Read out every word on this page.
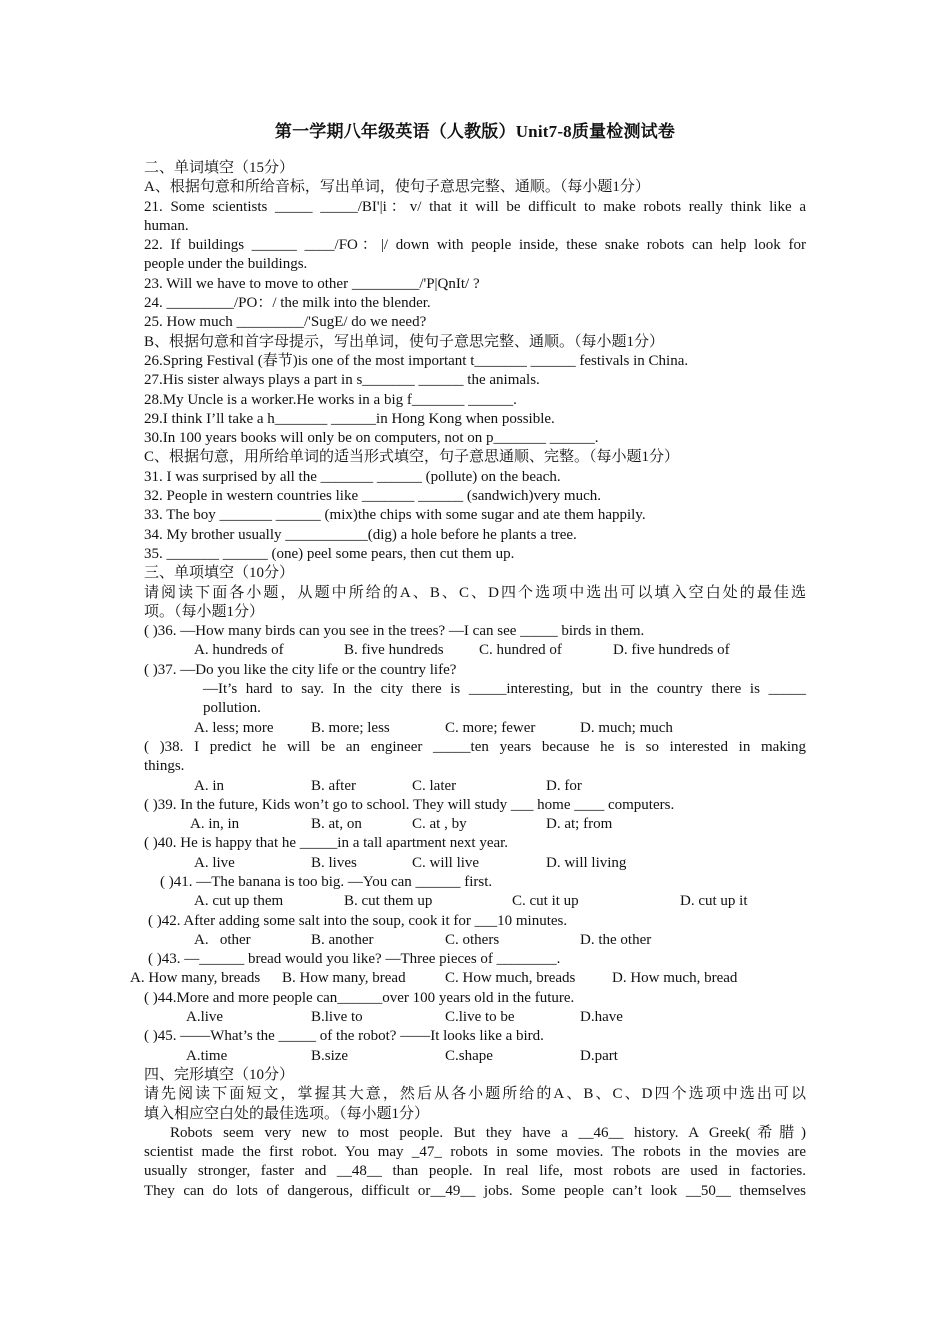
第一学期八年级英语（人教版）Unit7-8质量检测试卷
二、单词填空（15分）
A、根据句意和所给音标，写出单词，使句子意思完整、通顺。（每小题1分）
21. Some scientists _____ _____/BI'|i：v/ that it will be difficult to make robots really think like a
human.
22. If buildings ______ ____/FO：|/ down with people inside, these snake robots can help look for
people under the buildings.
23. Will we have to move to other _________/'P|QnIt/ ?
24. _________/PO：/ the milk into the blender.
25. How much _________/'SugE/ do we need?
B、根据句意和首字母提示，写出单词，使句子意思完整、通顺。（每小题1分）
26.Spring Festival (春节)is one of the most important t_______ ______ festivals in China.
27.His sister always plays a part in s_______ ______ the animals.
28.My Uncle is a worker.He works in a big f_______ ______.
29.I think I’ll take a h_______ ______in Hong Kong when possible.
30.In 100 years books will only be on computers, not on p_______ ______.
C、根据句意，用所给单词的适当形式填空，句子意思通顺、完整。（每小题1分）
31. I was surprised by all the _______ ______ (pollute) on the beach.
32. People in western countries like _______ ______ (sandwich)very much.
33. The boy _______ ______ (mix)the chips with some sugar and ate them happily.
34. My brother usually ___________(dig) a hole before he plants a tree.
35. _______ ______ (one) peel some pears, then cut them up.
三、单项填空（10分）
请阅读下面各小题，从题中所给的A、B、C、D四个选项中选出可以填入空白处的最佳选
项。（每小题1分）
( )36. —How many birds can you see in the trees? —I can see _____ birds in them.
A. hundreds of	B. five hundreds C. hundred of	D. five hundreds of
( )37. —Do you like the city life or the country life?
—It’s hard to say. In the city there is _____interesting, but in the country there is _____
pollution.
A. less; more B. more; less	C. more; fewer	D. much; much
( )38. I predict he will be an engineer _____ten years because he is so interested in making
things.
A. in	B. after	C. later	D. for
( )39. In the future, Kids won’t go to school. They will study ___ home ____ computers.
A. in, in	B. at, on	C. at , by	D. at; from
( )40. He is happy that he _____in a tall apartment next year.
A. live	B. lives	C. will live	D. will living
( )41. —The banana is too big. —You can ______ first.
A. cut up them	B. cut them up	C. cut it up	D. cut up it
( )42. After adding some salt into the soup, cook it for ___10 minutes.
A.   other	B. another	C. others	D. the other
( )43. —______ bread would you like? —Three pieces of ________.
A. How many, breads B. How many, bread	C. How much, breads D. How much, bread
( )44.More and more people can______over 100 years old in the future.
A.live	B.live to	C.live to be	D.have
( )45. ——What’s the _____ of the robot? ——It looks like a bird.
A.time	B.size	C.shape	D.part
四、完形填空（10分）
请先阅读下面短文，掌握其大意，然后从各小题所给的A、B、C、D四个选项中选出可以
填入相应空白处的最佳选项。（每小题1分）
Robots seem very new to most people. But they have a __46__ history. A Greek(希腊)
scientist made the first robot. You may _47_ robots in some movies. The robots in the movies are
usually stronger, faster and __48__ than people. In real life, most robots are used in factories.
They can do lots of dangerous, difficult or__49__ jobs. Some people can’t look __50__ themselves
